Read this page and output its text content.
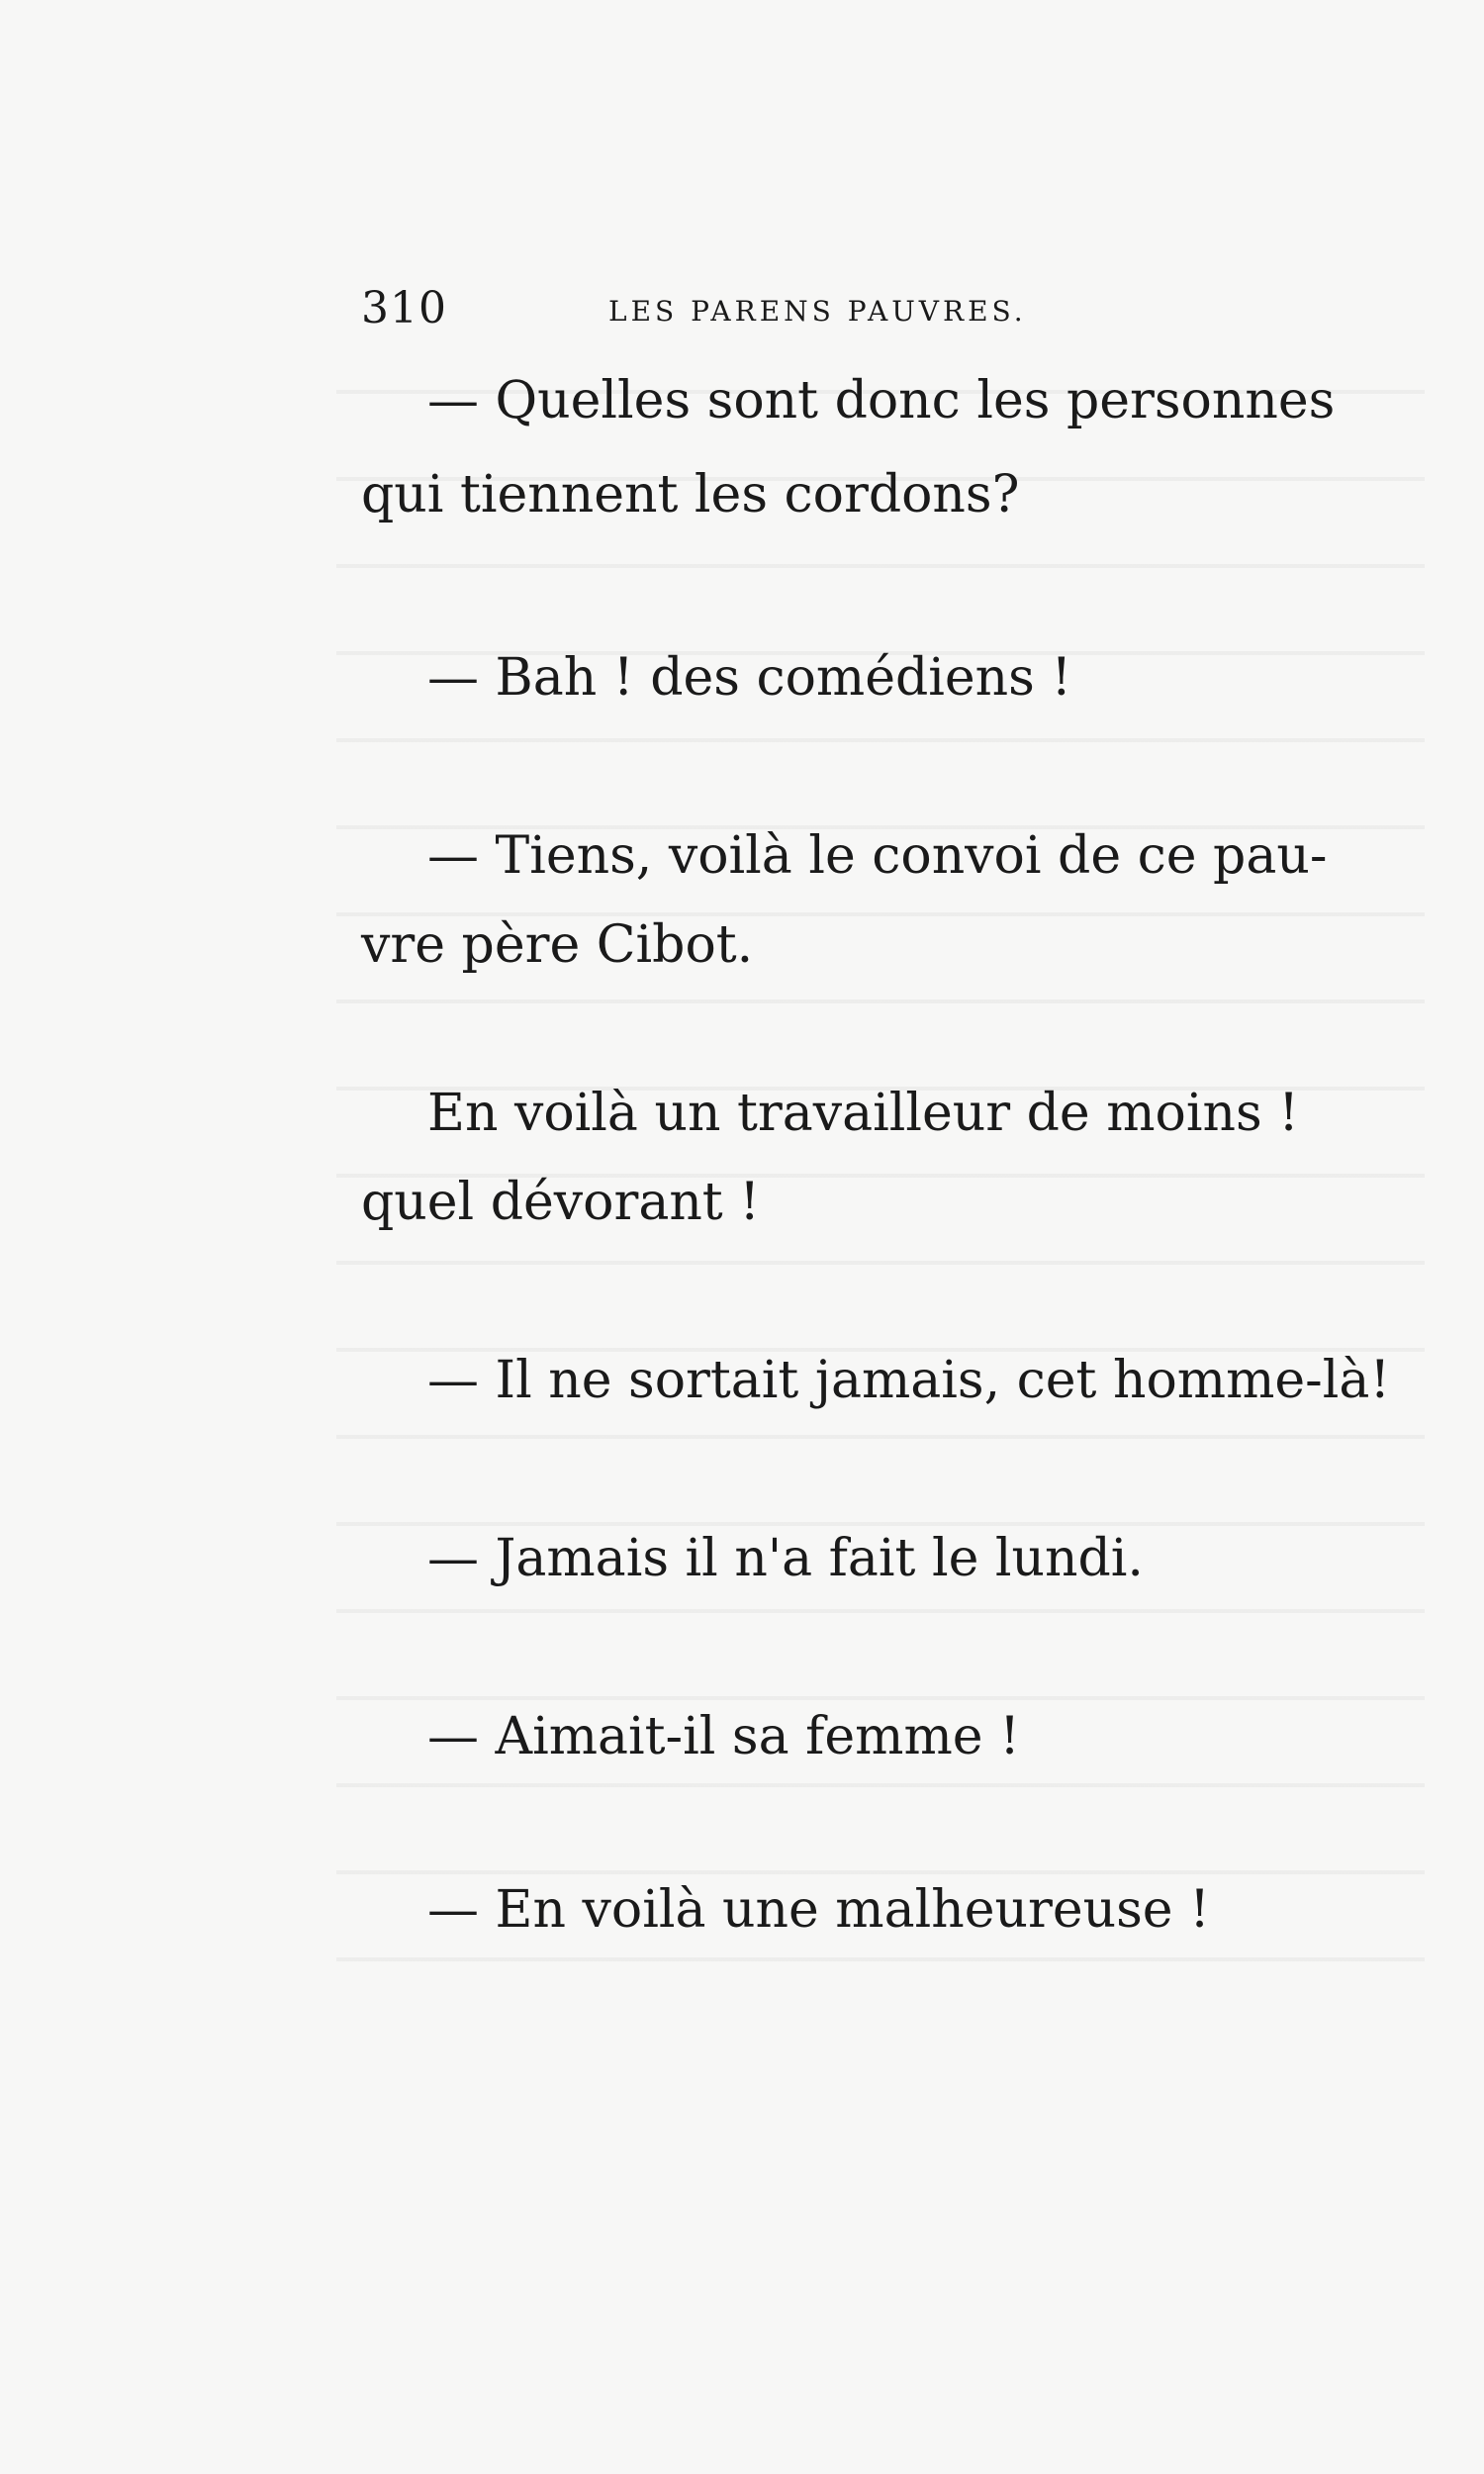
310	LES PARENS PAUVRES.
— Quelles sont donc les personnes
qui tiennent les cordons?
— Bah ! des comédiens !
— Tiens, voilà le convoi de ce pau-
vre père Cibot.
En voilà un travailleur de moins !
quel dévorant !
— Il ne sortait jamais, cet homme-là!
— Jamais il n'a fait le lundi.
— Aimait-il sa femme !
— En voilà une malheureuse !
